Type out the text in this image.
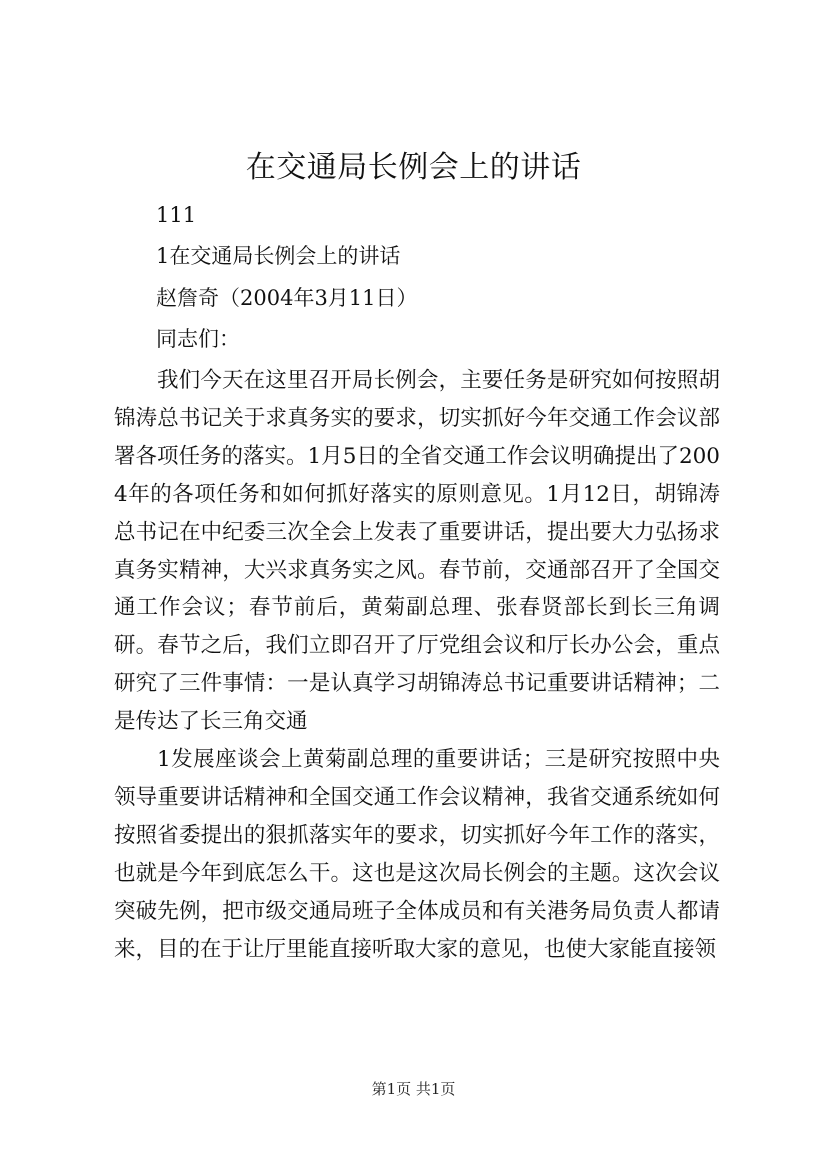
在交通局长例会上的讲话
111
1在交通局长例会上的讲话
赵詹奇（2004年3月11日）
同志们：

我们今天在这里召开局长例会，主要任务是研究如何按照胡锦涛总书记关于求真务实的要求，切实抓好今年交通工作会议部署各项任务的落实。1月5日的全省交通工作会议明确提出了2004年的各项任务和如何抓好落实的原则意见。1月12日，胡锦涛总书记在中纪委三次全会上发表了重要讲话，提出要大力弘扬求真务实精神，大兴求真务实之风。春节前，交通部召开了全国交通工作会议；春节前后，黄菊副总理、张春贤部长到长三角调研。春节之后，我们立即召开了厅党组会议和厅长办公会，重点研究了三件事情：一是认真学习胡锦涛总书记重要讲话精神；二是传达了长三角交通

1发展座谈会上黄菊副总理的重要讲话；三是研究按照中央领导重要讲话精神和全国交通工作会议精神，我省交通系统如何按照省委提出的狠抓落实年的要求，切实抓好今年工作的落实，也就是今年到底怎么干。这也是这次局长例会的主题。这次会议突破先例，把市级交通局班子全体成员和有关港务局负责人都请来，目的在于让厅里能直接听取大家的意见，也使大家能直接领

第1页 共1页
